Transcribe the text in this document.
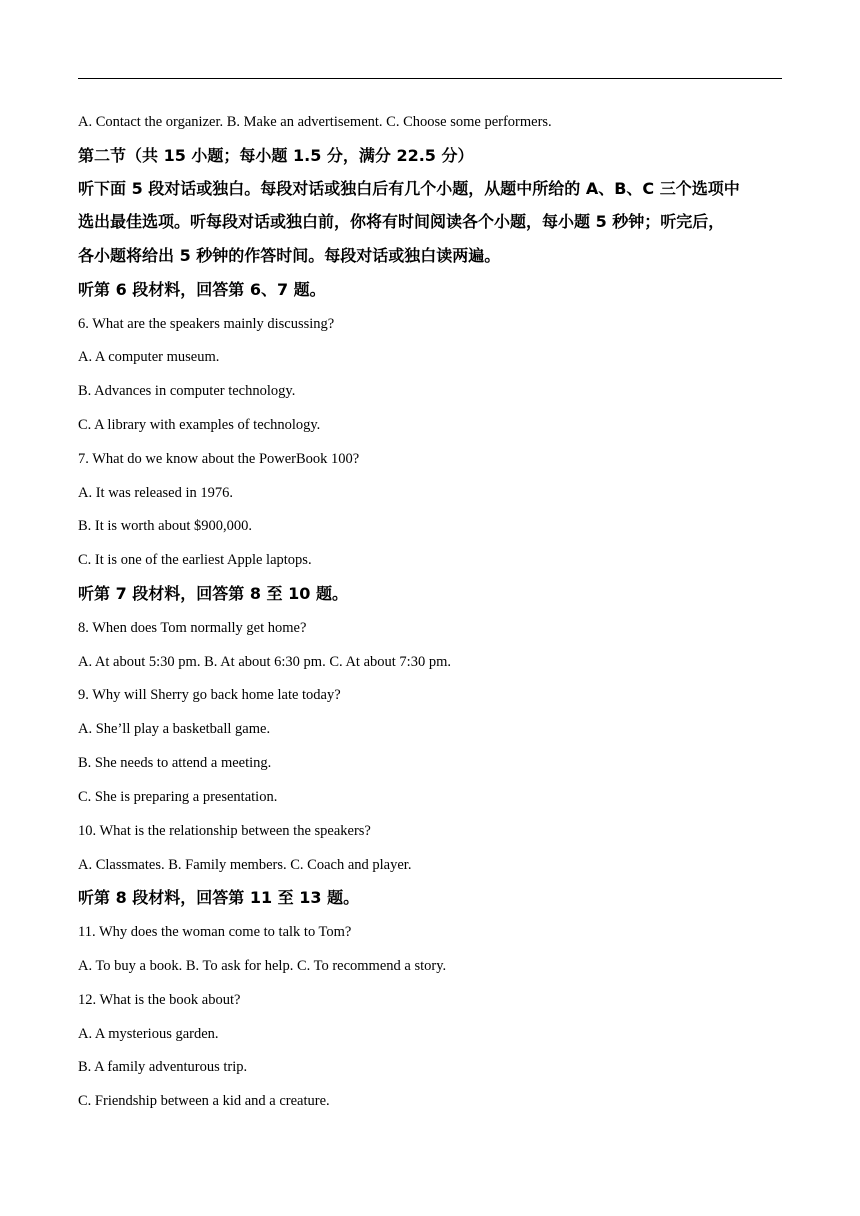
A. Contact the organizer. B. Make an advertisement. C. Choose some performers.
第二节（共 15 小题；每小题 1.5 分，满分 22.5 分）
听下面 5 段对话或独白。每段对话或独白后有几个小题，从题中所给的 A、B、C 三个选项中
选出最佳选项。听每段对话或独白前，你将有时间阅读各个小题，每小题 5 秒钟；听完后，
各小题将给出 5 秒钟的作答时间。每段对话或独白读两遍。
听第 6 段材料，回答第 6、7 题。
6. What are the speakers mainly discussing?
A. A computer museum.
B. Advances in computer technology.
C. A library with examples of technology.
7. What do we know about the PowerBook 100?
A. It was released in 1976.
B. It is worth about $900,000.
C. It is one of the earliest Apple laptops.
听第 7 段材料，回答第 8 至 10 题。
8. When does Tom normally get home?
A. At about 5:30 pm. B. At about 6:30 pm. C. At about 7:30 pm.
9. Why will Sherry go back home late today?
A. She’ll play a basketball game.
B. She needs to attend a meeting.
C. She is preparing a presentation.
10. What is the relationship between the speakers?
A. Classmates. B. Family members. C. Coach and player.
听第 8 段材料，回答第 11 至 13 题。
11. Why does the woman come to talk to Tom?
A. To buy a book. B. To ask for help. C. To recommend a story.
12. What is the book about?
A. A mysterious garden.
B. A family adventurous trip.
C. Friendship between a kid and a creature.
